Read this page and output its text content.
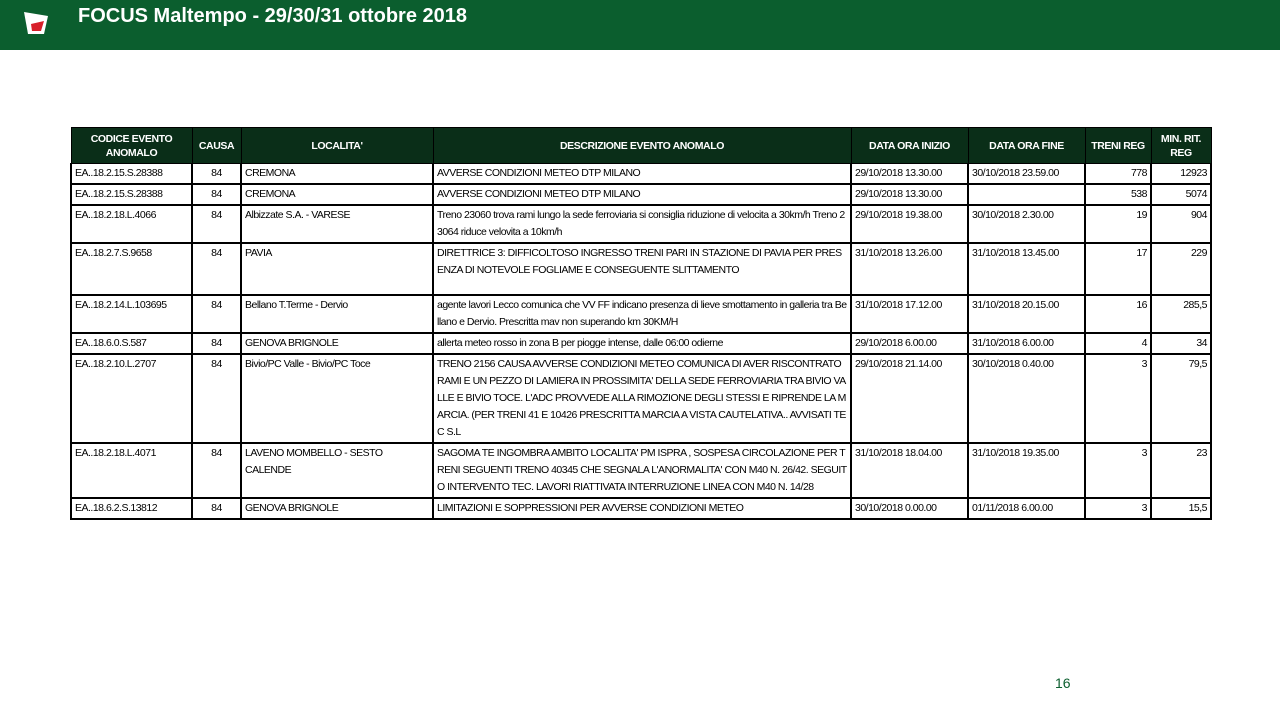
FOCUS Maltempo - 29/30/31 ottobre 2018
CODICE EVENTO ANOMALO	CAUSA	LOCALITA'	DESCRIZIONE EVENTO ANOMALO	DATA ORA INIZIO	DATA ORA FINE	TRENI REG	MIN. RIT. REG
EA..18.2.15.S.28388	84	CREMONA	AVVERSE CONDIZIONI METEO DTP MILANO	29/10/2018 13.30.00	30/10/2018 23.59.00	778	12923
EA..18.2.15.S.28388	84	CREMONA	AVVERSE CONDIZIONI METEO DTP MILANO	29/10/2018 13.30.00		538	5074
EA..18.2.18.L.4066	84	Albizzate S.A. - VARESE	Treno 23060 trova rami lungo la sede ferroviaria si consiglia riduzione di velocita a 30km/h Treno 23064 riduce velovita a 10km/h	29/10/2018 19.38.00	30/10/2018 2.30.00	19	904
EA..18.2.7.S.9658	84	PAVIA	DIRETTRICE 3: DIFFICOLTOSO INGRESSO TRENI PARI IN STAZIONE DI PAVIA PER PRESENZA DI NOTEVOLE FOGLIAME E CONSEGUENTE SLITTAMENTO	31/10/2018 13.26.00	31/10/2018 13.45.00	17	229
EA..18.2.14.L.103695	84	Bellano T.Terme - Dervio	agente lavori Lecco comunica che VV FF indicano presenza di lieve smottamento in galleria tra Bellano e Dervio. Prescritta mav non superando km 30KM/H	31/10/2018 17.12.00	31/10/2018 20.15.00	16	285,5
EA..18.6.0.S.587	84	GENOVA BRIGNOLE	allerta meteo rosso in zona B per piogge intense, dalle 06:00 odierne	29/10/2018 6.00.00	31/10/2018 6.00.00	4	34
EA..18.2.10.L.2707	84	Bivio/PC Valle - Bivio/PC Toce	TRENO 2156 CAUSA AVVERSE CONDIZIONI METEO COMUNICA DI AVER RISCONTRATO RAMI E UN PEZZO DI LAMIERA IN PROSSIMITA' DELLA SEDE FERROVIARIA TRA BIVIO VALLE E BIVIO TOCE. L'ADC PROVVEDE ALLA RIMOZIONE DEGLI STESSI E RIPRENDE LA MARCIA. (PER TRENI 41 E 10426 PRESCRITTA MARCIA A VISTA CAUTELATIVA.. AVVISATI TEC S.L	29/10/2018 21.14.00	30/10/2018 0.40.00	3	79,5
EA..18.2.18.L.4071	84	LAVENO MOMBELLO - SESTO CALENDE	SAGOMA TE INGOMBRA AMBITO LOCALITA' PM ISPRA , SOSPESA CIRCOLAZIONE PER TRENI SEGUENTI TRENO 40345 CHE SEGNALA L'ANORMALITA' CON M40 N. 26/42. SEGUITO INTERVENTO TEC. LAVORI RIATTIVATA INTERRUZIONE LINEA CON M40 N. 14/28	31/10/2018 18.04.00	31/10/2018 19.35.00	3	23
EA..18.6.2.S.13812	84	GENOVA BRIGNOLE	LIMITAZIONI E SOPPRESSIONI PER AVVERSE CONDIZIONI METEO	30/10/2018 0.00.00	01/11/2018 6.00.00	3	15,5
16
